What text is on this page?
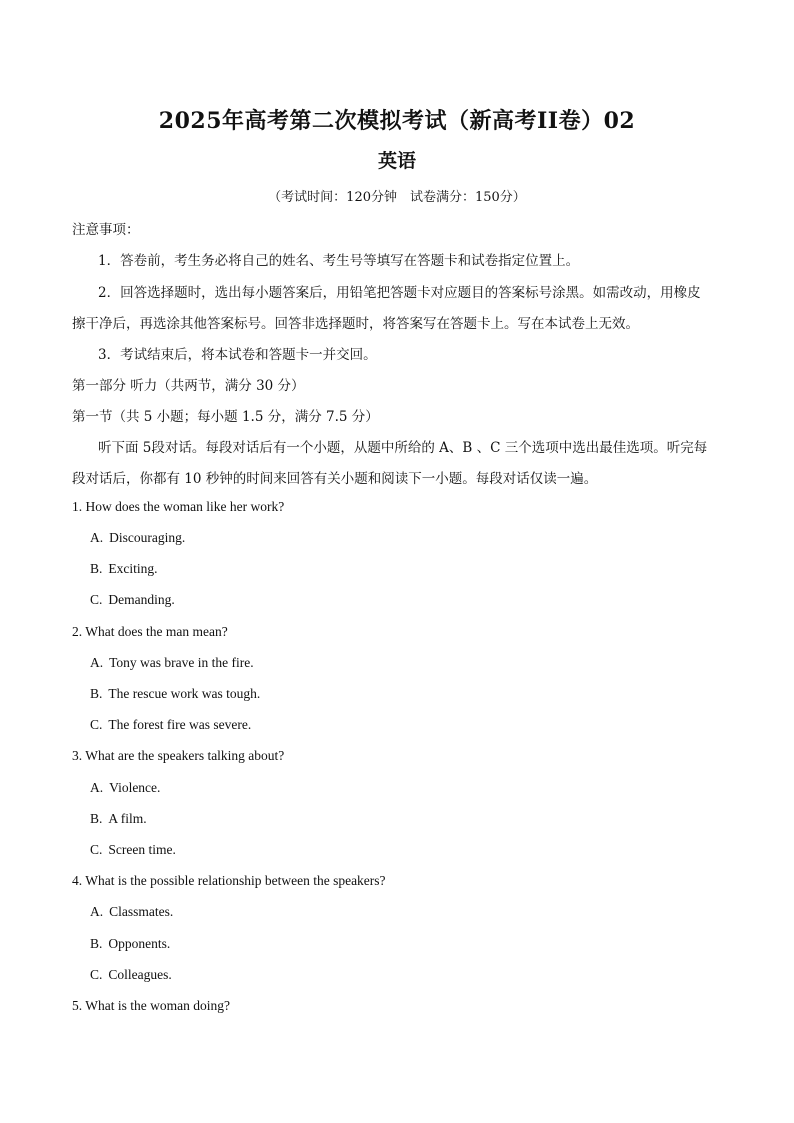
2025年高考第二次模拟考试（新高考II卷）02
英语
（考试时间：120分钟　试卷满分：150分）
注意事项：
1．答卷前，考生务必将自己的姓名、考生号等填写在答题卡和试卷指定位置上。
2．回答选择题时，选出每小题答案后，用铅笔把答题卡对应题目的答案标号涂黑。如需改动，用橡皮
擦干净后，再选涂其他答案标号。回答非选择题时，将答案写在答题卡上。写在本试卷上无效。
3．考试结束后，将本试卷和答题卡一并交回。
第一部分 听力（共两节，满分 30 分）
第一节（共 5 小题；每小题 1.5 分，满分 7.5 分）
听下面 5段对话。每段对话后有一个小题，从题中所给的 A、B 、C 三个选项中选出最佳选项。听完每
段对话后，你都有 10 秒钟的时间来回答有关小题和阅读下一小题。每段对话仅读一遍。
1. How does the woman like her work?
A. Discouraging.
B. Exciting.
C. Demanding.
2. What does the man mean?
A. Tony was brave in the fire.
B. The rescue work was tough.
C. The forest fire was severe.
3. What are the speakers talking about?
A. Violence.
B. A film.
C. Screen time.
4. What is the possible relationship between the speakers?
A. Classmates.
B. Opponents.
C. Colleagues.
5. What is the woman doing?
